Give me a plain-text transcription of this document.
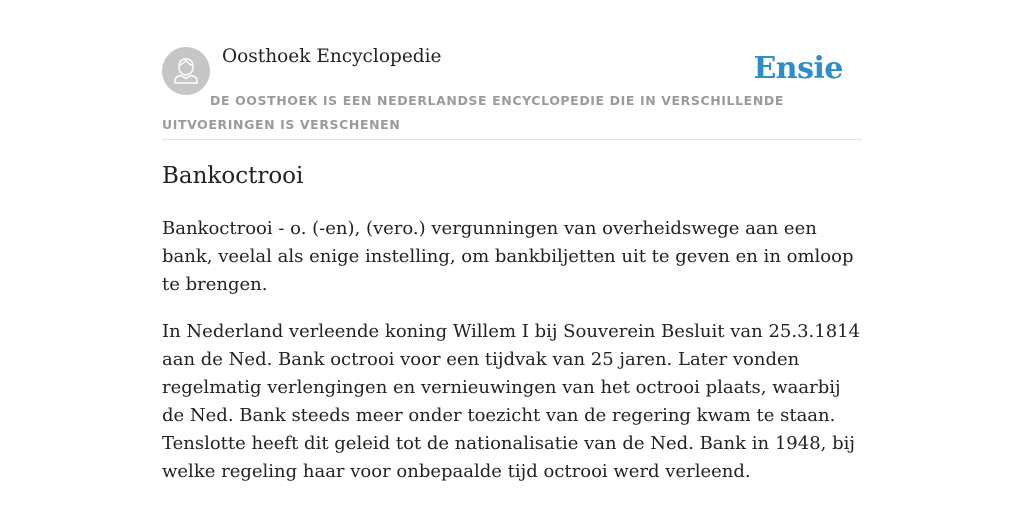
Oosthoek Encyclopedie	Ensie

DE OOSTHOEK IS EEN NEDERLANDSE ENCYCLOPEDIE DIE IN VERSCHILLENDE UITVOERINGEN IS VERSCHENEN

Bankoctrooi

Bankoctrooi - o. (-en), (vero.) vergunningen van overheidswege aan een bank, veelal als enige instelling, om bankbiljetten uit te geven en in omloop te brengen.

In Nederland verleende koning Willem I bij Souverein Besluit van 25.3.1814 aan de Ned. Bank octrooi voor een tijdvak van 25 jaren. Later vonden regelmatig verlengingen en vernieuwingen van het octrooi plaats, waarbij de Ned. Bank steeds meer onder toezicht van de regering kwam te staan. Tenslotte heeft dit geleid tot de nationalisatie van de Ned. Bank in 1948, bij welke regeling haar voor onbepaalde tijd octrooi werd verleend.
